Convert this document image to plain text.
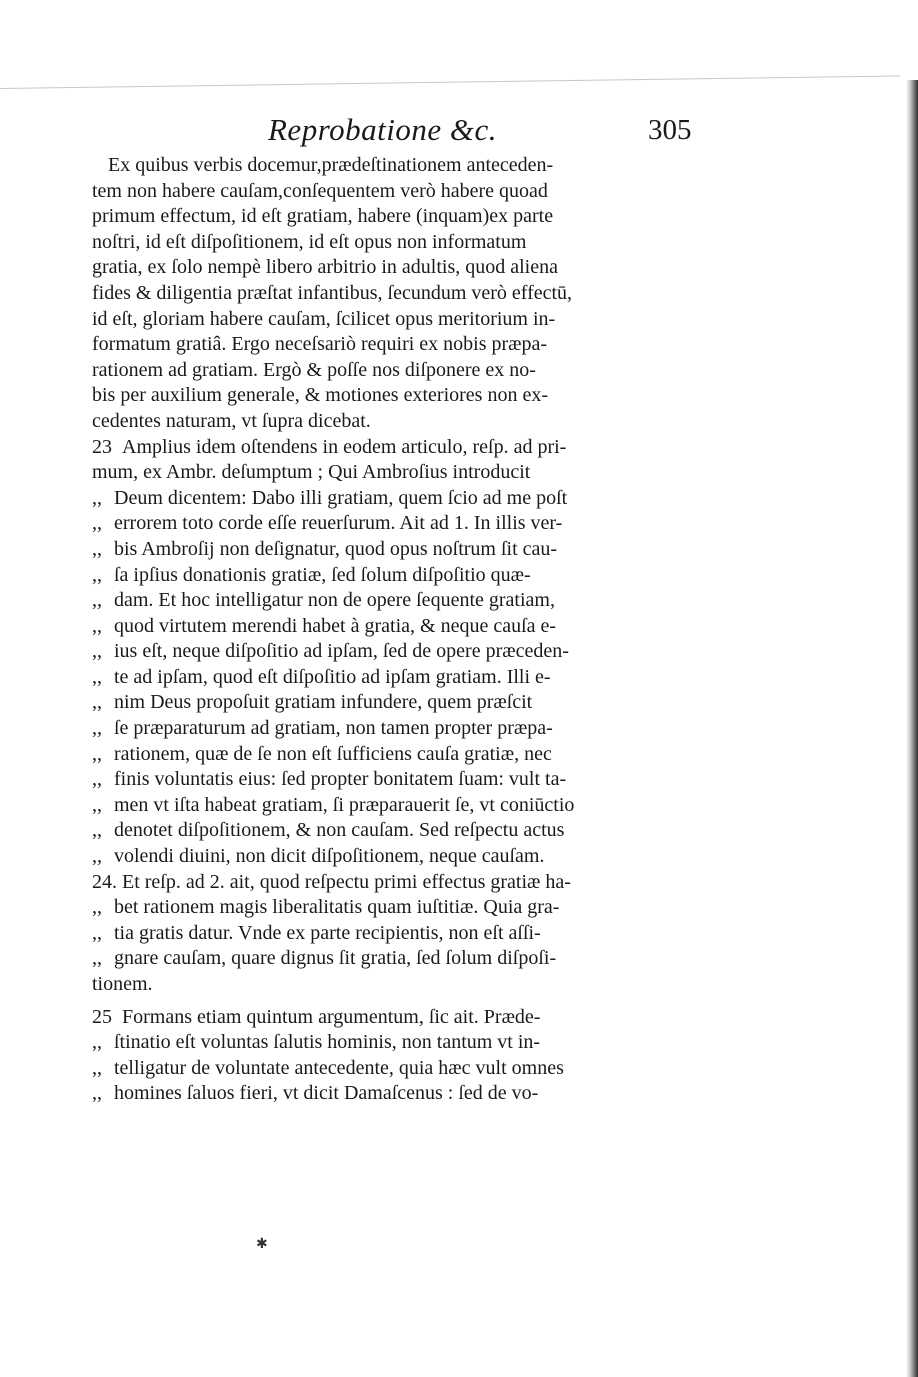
Reprobatione &c.	305
Ex quibus verbis docemur,prædeſtinationem anteceden-
tem non habere cauſam,conſequentem verò habere quoad
primum effectum, id eſt gratiam, habere (inquam)ex parte
noſtri, id eſt diſpoſitionem, id eſt opus non informatum
gratia, ex ſolo nempè libero arbitrio in adultis, quod aliena
fides & diligentia præſtat infantibus, ſecundum verò effectū,
id eſt, gloriam habere cauſam, ſcilicet opus meritorium in-
formatum gratiâ. Ergo neceſsariò requiri ex nobis præpa-
rationem ad gratiam. Ergò & poſſe nos diſponere ex no-
bis per auxilium generale, & motiones exteriores non ex-
cedentes naturam, vt ſupra dicebat.
23 Amplius idem oſtendens in eodem articulo, reſp. ad pri-
mum, ex Ambr. deſumptum ; Qui Ambroſius introducit
,, Deum dicentem: Dabo illi gratiam, quem ſcio ad me poſt
,, errorem toto corde eſſe reuerſurum. Ait ad 1. In illis ver-
,, bis Ambroſij non deſignatur, quod opus noſtrum ſit cau-
,, ſa ipſius donationis gratiæ, ſed ſolum diſpoſitio quæ-
,, dam. Et hoc intelligatur non de opere ſequente gratiam,
,, quod virtutem merendi habet à gratia, & neque cauſa e-
,, ius eſt, neque diſpoſitio ad ipſam, ſed de opere præceden-
,, te ad ipſam, quod eſt diſpoſitio ad ipſam gratiam. Illi e-
,, nim Deus propoſuit gratiam infundere, quem præſcit
,, ſe præparaturum ad gratiam, non tamen propter præpa-
,, rationem, quæ de ſe non eſt ſufficiens cauſa gratiæ, nec
,, finis voluntatis eius: ſed propter bonitatem ſuam: vult ta-
,, men vt iſta habeat gratiam, ſi præparauerit ſe, vt coniūctio
,, denotet diſpoſitionem, & non cauſam. Sed reſpectu actus
,, volendi diuini, non dicit diſpoſitionem, neque cauſam.
24. Et reſp. ad 2. ait, quod reſpectu primi effectus gratiæ ha-
,, bet rationem magis liberalitatis quam iuſtitiæ. Quia gra-
,, tia gratis datur. Vnde ex parte recipientis, non eſt aſſi-
,, gnare cauſam, quare dignus ſit gratia, ſed ſolum diſpoſi-
tionem.
25 Formans etiam quintum argumentum, ſic ait. Præde-
,, ſtinatio eſt voluntas ſalutis hominis, non tantum vt in-
,, telligatur de voluntate antecedente, quia hæc vult omnes
,, homines ſaluos fieri, vt dicit Damaſcenus : ſed de vo-
✱
